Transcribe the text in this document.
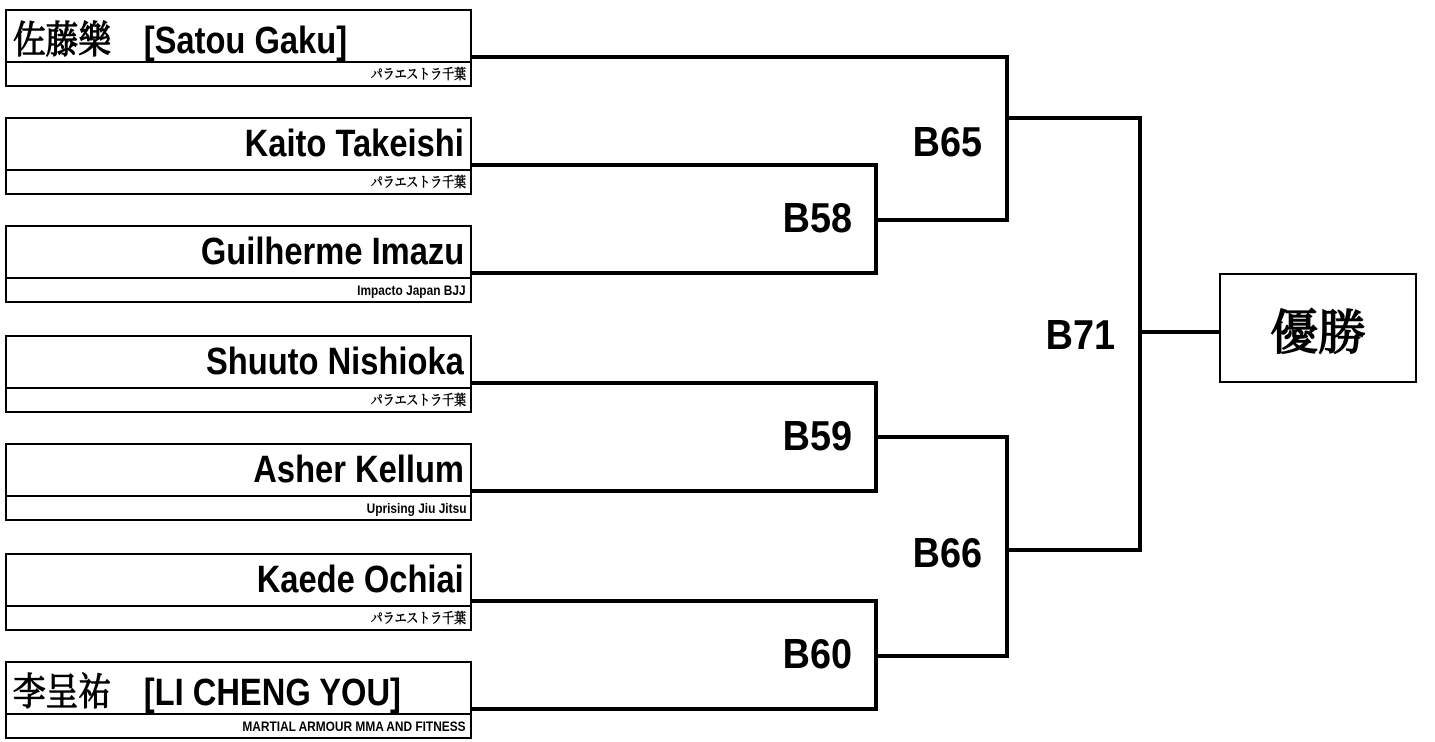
佐藤樂　[Satou Gaku]
パラエストラ千葉
Kaito Takeishi
パラエストラ千葉
Guilherme Imazu
Impacto Japan BJJ
Shuuto Nishioka
パラエストラ千葉
Asher Kellum
Uprising Jiu Jitsu
Kaede Ochiai
パラエストラ千葉
李呈祐　[LI CHENG YOU]
MARTIAL ARMOUR MMA AND FITNESS
B65
B58
B71
B59
B66
B60
優勝
